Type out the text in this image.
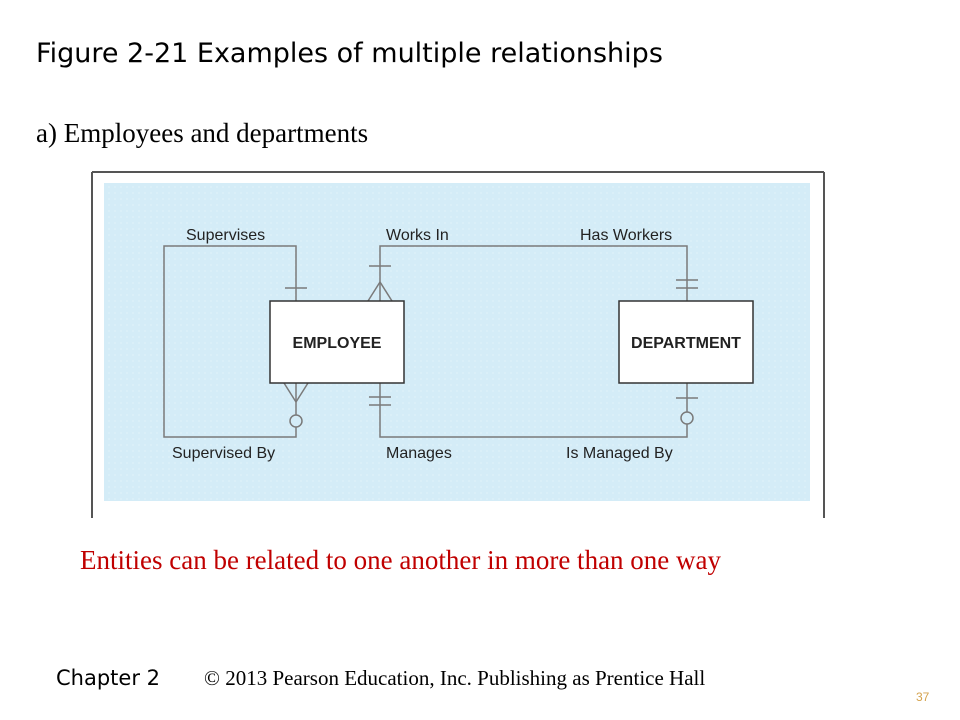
Figure 2-21 Examples of multiple relationships
a) Employees and departments
EMPLOYEE	DEPARTMENT
Supervises
Supervised By
Works In	Has Workers
Manages	Is Managed By
Entities can be related to one another in more than one way
Chapter 2 © 2013 Pearson Education, Inc. Publishing as Prentice Hall
37
